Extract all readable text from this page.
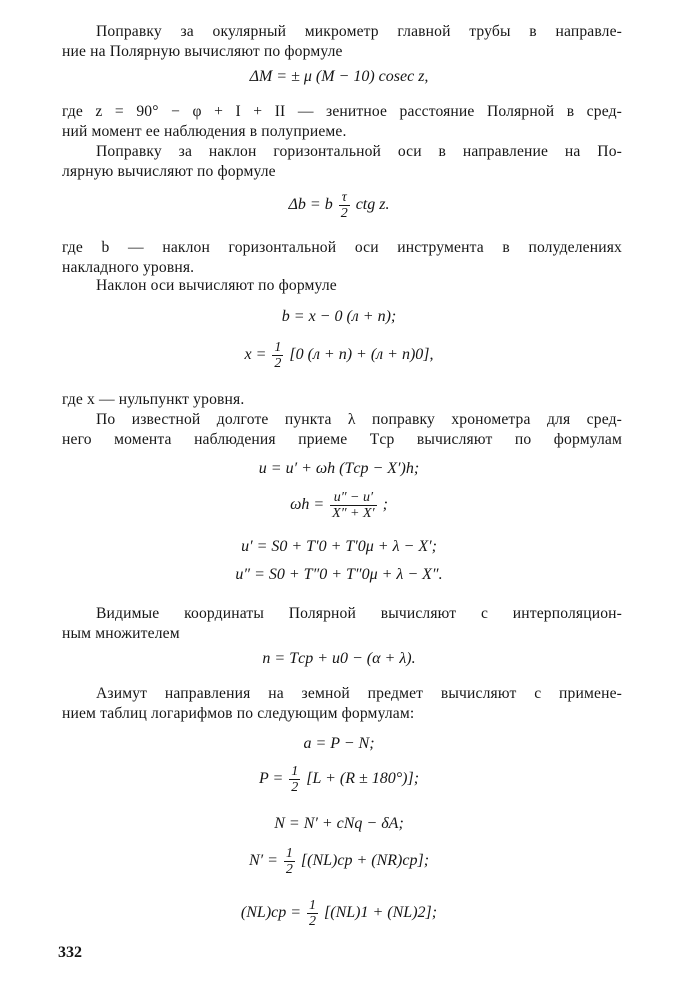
Поправку за окулярный микрометр главной трубы в направле-
ние на Полярную вычисляют по формуле
ΔM = ± μ (M − 10) cosec z,
где z = 90° − φ + I + II — зенитное расстояние Полярной в сред-
ний момент ее наблюдения в полуприеме.
Поправку за наклон горизонтальной оси в направление на По-
лярную вычисляют по формуле
Δb = b $\frac{\tau}{2}$ ctg z.
где b — наклон горизонтальной оси инструмента в полуделениях
накладного уровня.
Наклон оси вычисляют по формуле
b = x − 0 (л + п);
$x = \frac{1}{2} [0$ (л + п) + (л + п)0],
где x — нульпункт уровня.
По известной долготе пункта λ поправку хронометра для сред-
него момента наблюдения приеме Tср вычисляют по формулам
u = u′ + ωh (Tср − X′)h;
$\omega h = \frac{u'' - u'}{X'' + X'}$ ;
u′ = S0 + T′0 + T′0μ + λ − X′;
u″ = S0 + T″0 + T″0μ + λ − X″.
Видимые координаты Полярной вычисляют с интерполяцион-
ным множителем
n = Tср + u0 − (α + λ).
Азимут направления на земной предмет вычисляют с примене-
нием таблиц логарифмов по следующим формулам:
a = P − N;
$P = \frac{1}{2} [L + (R \pm 180^\circ)]$;
N = N′ + cNq − δA;
$N' = \frac{1}{2} [(NL)ср + (NR)ср]$;
$(NL)ср = \frac{1}{2} [(NL)1 + (NL)2]$;
332
